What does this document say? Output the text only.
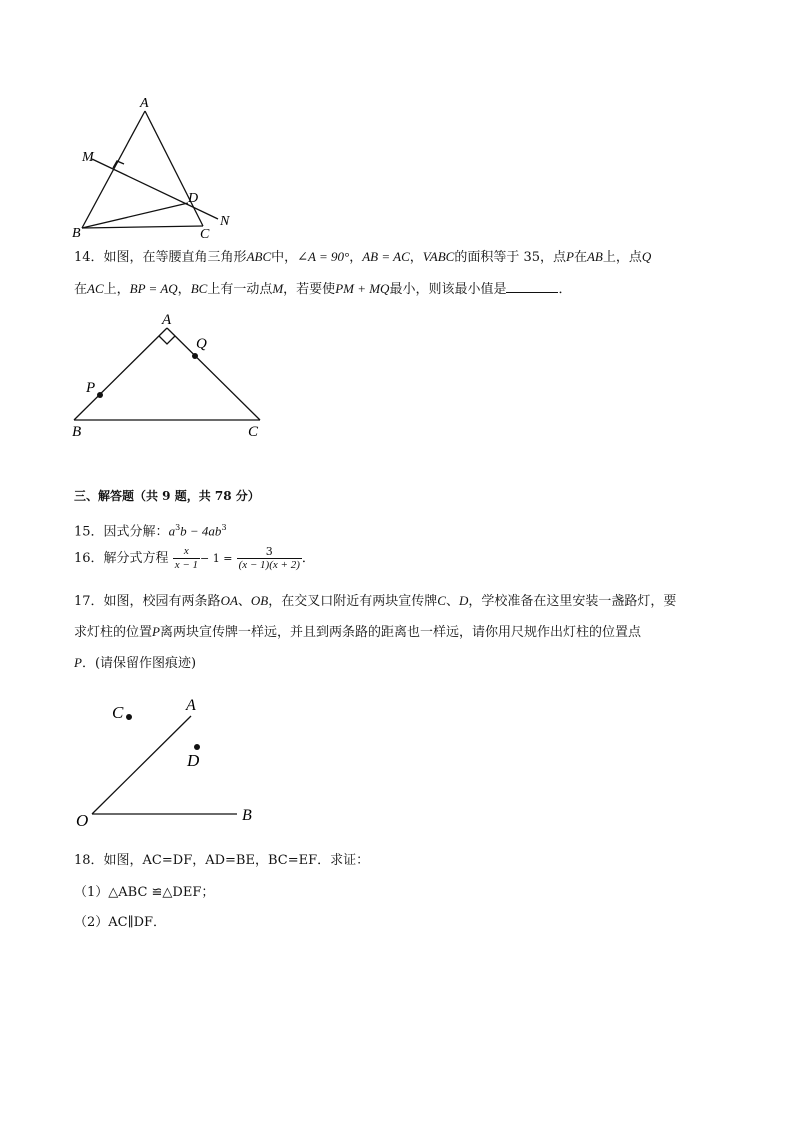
A
M
D
N
B	C
14．如图，在等腰直角三角形ABC中，∠A = 90°，AB = AC，VABC的面积等于 35，点P在AB上，点Q
在AC上，BP = AQ，BC上有一动点M，若要使PM + MQ最小，则该最小值是	．
A
Q
P
B	C
三、解答题（共 9 题，共 78 分）
15．因式分解：$a^3b - 4ab^3$
16．解分式方程 $\frac{x}{x - 1} - 1 = \frac{3}{(x - 1)(x + 2)}$ ．
17．如图，校园有两条路OA、OB，在交叉口附近有两块宣传牌C、D，学校准备在这里安装一盏路灯，要
求灯柱的位置P离两块宣传牌一样远，并且到两条路的距离也一样远，请你用尺规作出灯柱的位置点
P．(请保留作图痕迹)
C	A
D
O	B
18．如图，AC=DF，AD=BE，BC=EF．求证：
（1）△ABC ≌△DEF；
（2）AC∥DF．
